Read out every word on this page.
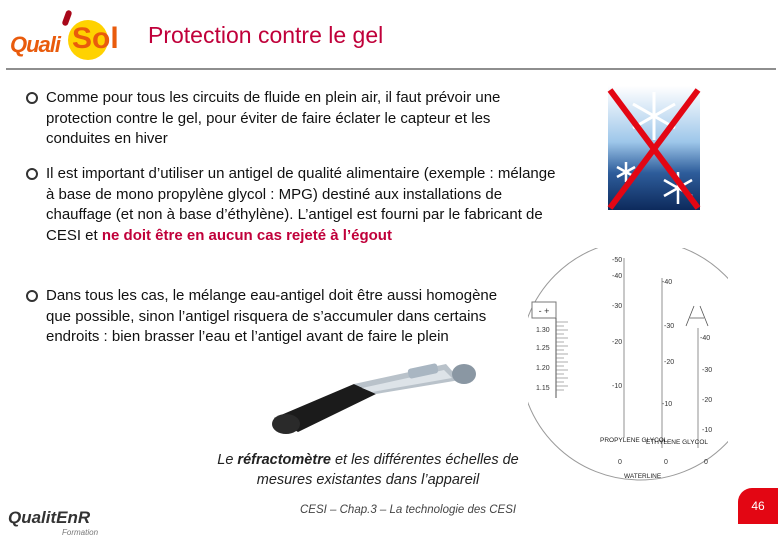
Quali Sol Protection contre le gel
Comme pour tous les circuits de fluide en plein air, il faut prévoir une protection contre le gel, pour éviter de faire éclater le capteur et les conduites en hiver
Il est important d’utiliser un antigel de qualité alimentaire (exemple : mélange à base de mono propylène glycol : MPG) destiné aux installations de chauffage (et non à base d’éthylène). L’antigel est fourni par le fabricant de CESI et ne doit être en aucun cas rejeté à l’égout
Dans tous les cas, le mélange eau-antigel doit être aussi homogène que possible, sinon l’antigel risquera de s’accumuler dans certains endroits : bien brasser l’eau et l’antigel avant de faire le plein
Le réfractomètre et les différentes échelles de mesures existantes dans l’appareil
- +
1.30
1.25
1.20
1.15
-50
-40
-30
-20
-10
0
-40
-30
-20
-10
0
-40
-30
-20
-10
0
PROPYLENE GLYCOL
ETHYLENE GLYCOL
WATERLINE
QualitEnR
Formation
CESI – Chap.3 – La technologie des CESI	46
